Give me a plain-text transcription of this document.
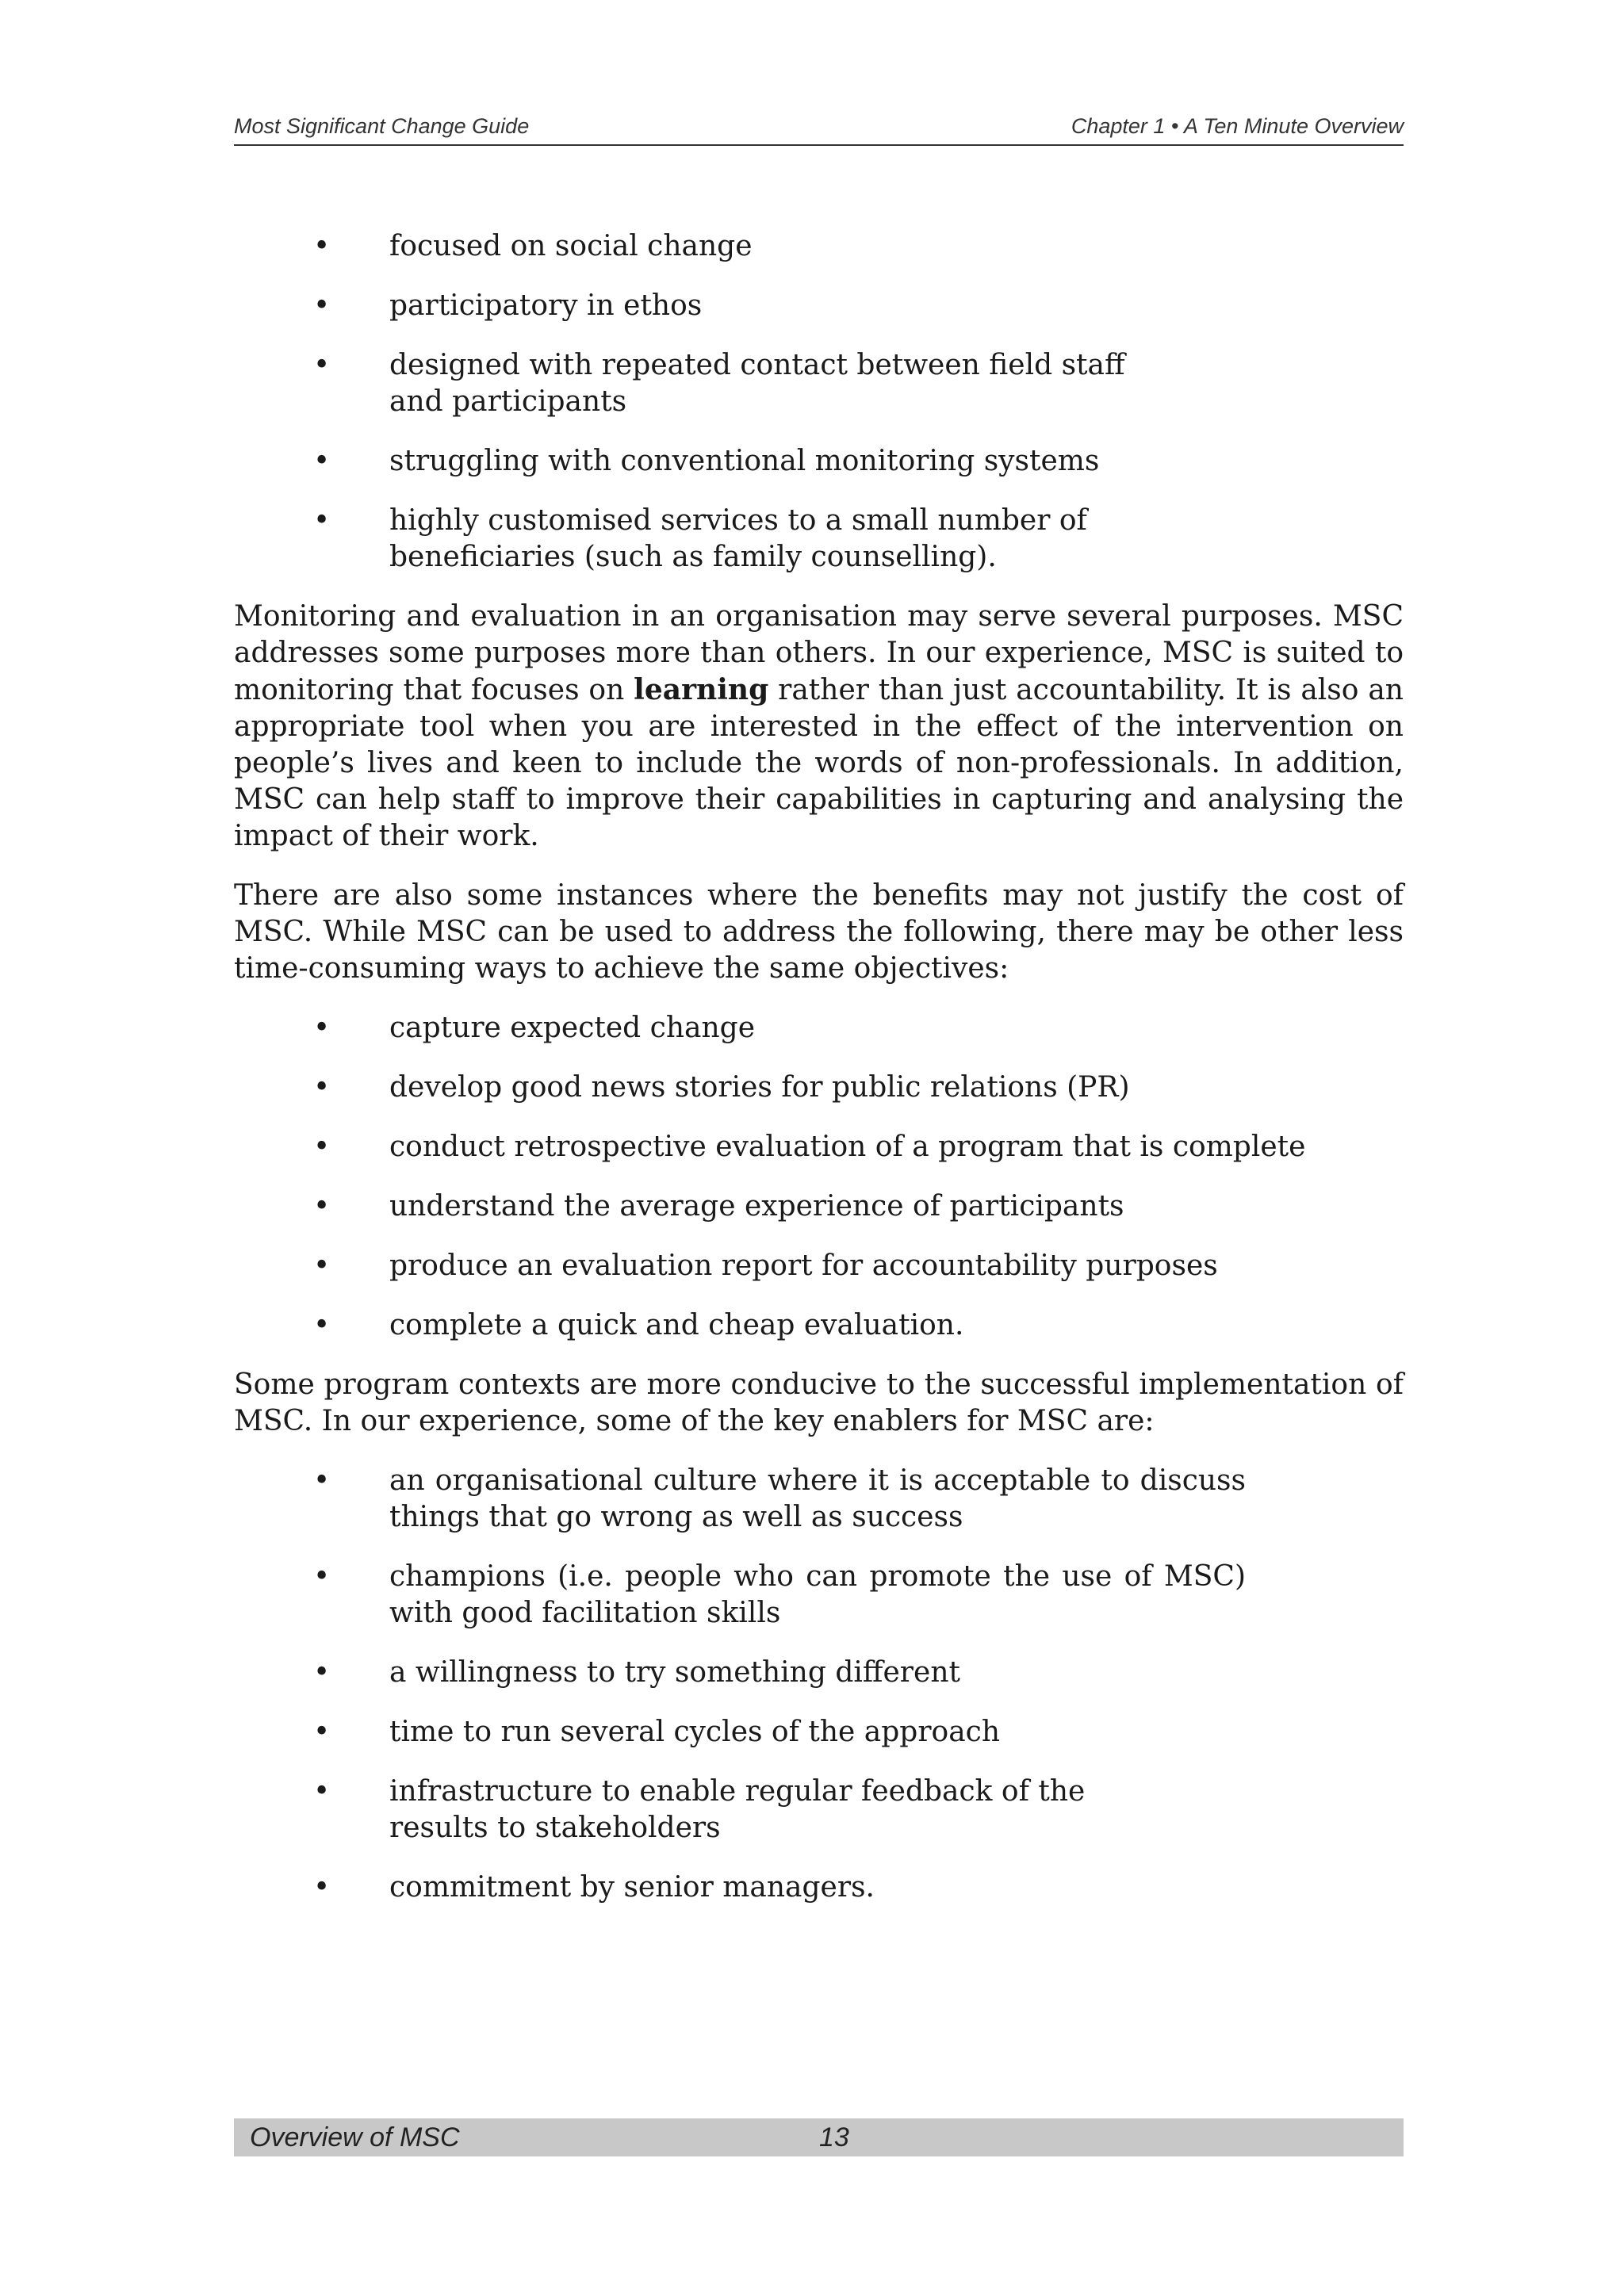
Most Significant Change Guide	Chapter 1 • A Ten Minute Overview
• focused on social change
• participatory in ethos
• designed with repeated contact between field staff and participants
• struggling with conventional monitoring systems
• highly customised services to a small number of beneficiaries (such as family counselling).

Monitoring and evaluation in an organisation may serve several purposes. MSC addresses some purposes more than others. In our experience, MSC is suited to monitoring that focuses on learning rather than just accountability. It is also an appropriate tool when you are interested in the effect of the intervention on people’s lives and keen to include the words of non-professionals. In addition, MSC can help staff to improve their capabilities in capturing and analysing the impact of their work.

There are also some instances where the benefits may not justify the cost of MSC. While MSC can be used to address the following, there may be other less time-consuming ways to achieve the same objectives:

• capture expected change
• develop good news stories for public relations (PR)
• conduct retrospective evaluation of a program that is complete
• understand the average experience of participants
• produce an evaluation report for accountability purposes
• complete a quick and cheap evaluation.

Some program contexts are more conducive to the successful implementation of MSC. In our experience, some of the key enablers for MSC are:

• an organisational culture where it is acceptable to discuss things that go wrong as well as success
• champions (i.e. people who can promote the use of MSC) with good facilitation skills
• a willingness to try something different
• time to run several cycles of the approach
• infrastructure to enable regular feedback of the results to stakeholders
• commitment by senior managers.
Overview of MSC	13
